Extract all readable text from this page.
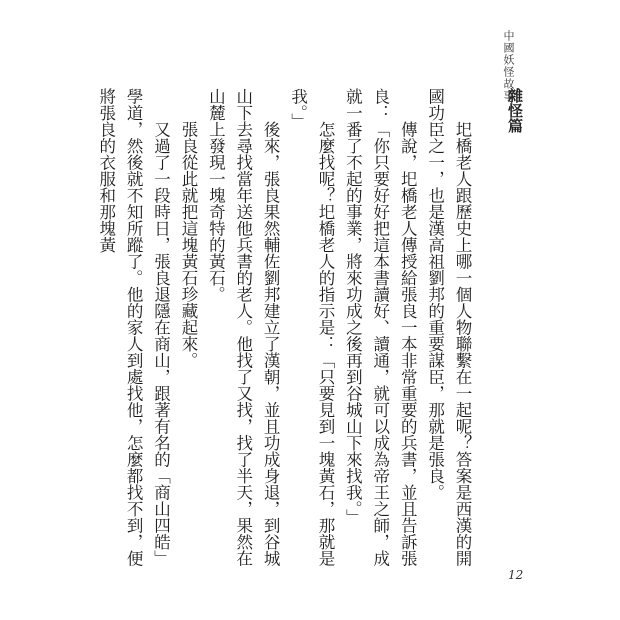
中國妖怪故事
雜怪篇

　　圯橋老人跟歷史上哪一個人物聯繫在一起呢？答案是西漢的開國功臣之一，也是漢高祖劉邦的重要謀臣，那就是張良。

　　傳說，圯橋老人傳授給張良一本非常重要的兵書，並且告訴張良：「你只要好好把這本書讀好、讀通，就可以成為帝王之師，成就一番了不起的事業，將來功成之後再到谷城山下來找我。」

　　怎麼找呢？圯橋老人的指示是：「只要見到一塊黃石，那就是我。」

　　後來，張良果然輔佐劉邦建立了漢朝，並且功成身退，到谷城山下去尋找當年送他兵書的老人。他找了又找，找了半天，果然在山麓上發現一塊奇特的黃石。

　　張良從此就把這塊黃石珍藏起來。

　　又過了一段時日，張良退隱在商山，跟著有名的「商山四皓」學道，然後就不知所蹤了。他的家人到處找他，怎麼都找不到，便將張良的衣服和那塊黃

12
